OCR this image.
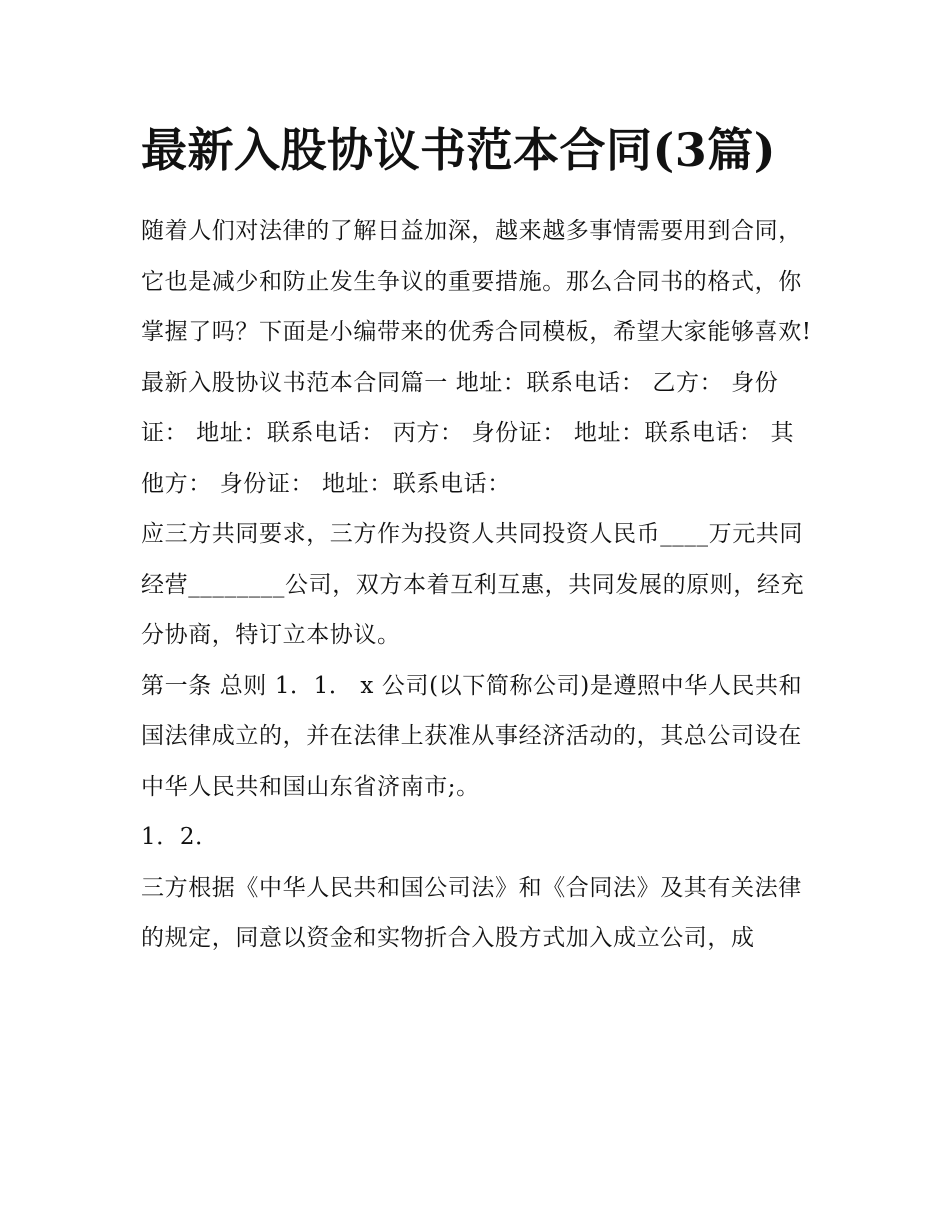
最新入股协议书范本合同(3篇)

随着人们对法律的了解日益加深，越来越多事情需要用到合同，它也是减少和防止发生争议的重要措施。那么合同书的格式，你掌握了吗？下面是小编带来的优秀合同模板，希望大家能够喜欢!

最新入股协议书范本合同篇一 地址：联系电话： 乙方： 身份证： 地址：联系电话： 丙方： 身份证： 地址：联系电话： 其他方： 身份证： 地址：联系电话：

应三方共同要求，三方作为投资人共同投资人民币____万元共同经营________公司，双方本着互利互惠，共同发展的原则，经充分协商，特订立本协议。

第一条 总则 1．1． x 公司(以下简称公司)是遵照中华人民共和国法律成立的，并在法律上获准从事经济活动的，其总公司设在中华人民共和国山东省济南市;。

1．2．

三方根据《中华人民共和国公司法》和《合同法》及其有关法律的规定，同意以资金和实物折合入股方式加入成立公司，成
